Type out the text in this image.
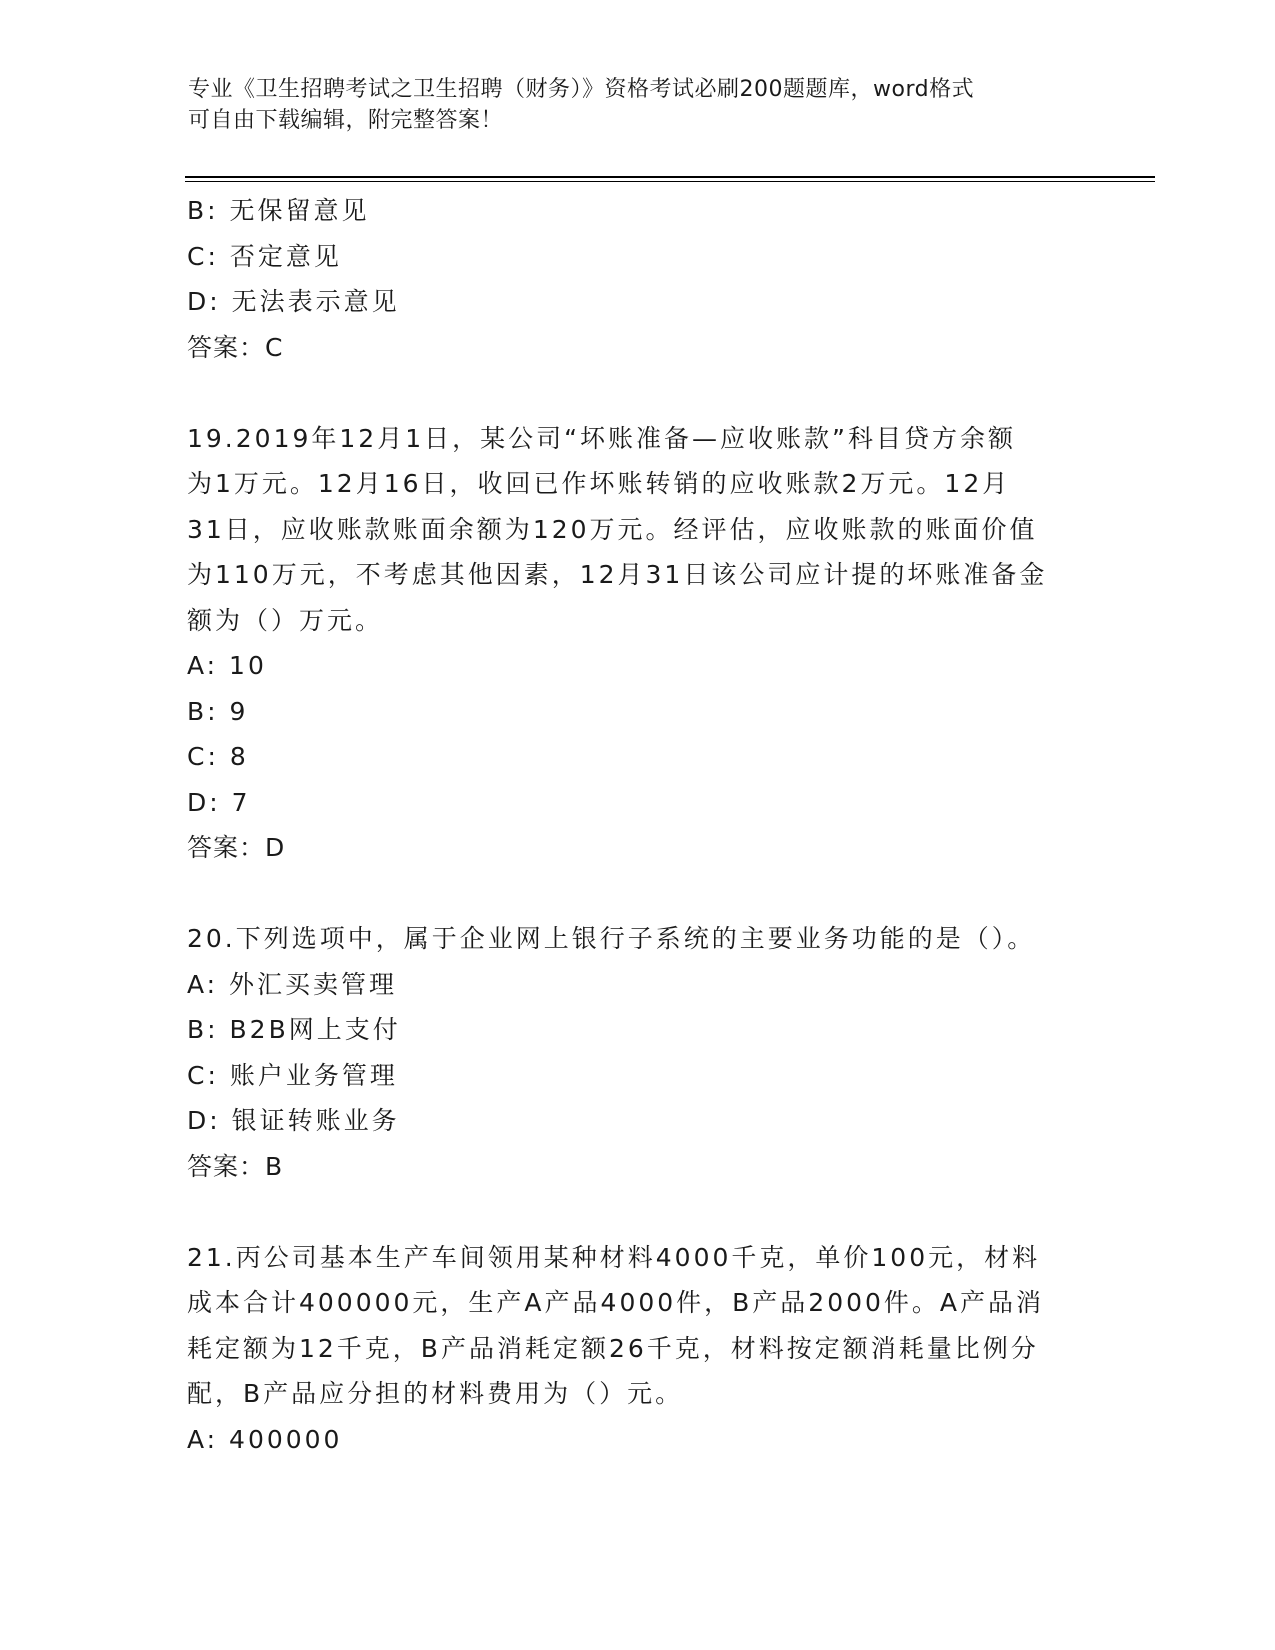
专业《卫生招聘考试之卫生招聘（财务）》资格考试必刷200题题库，word格式
可自由下载编辑，附完整答案！
B: 无保留意见
C: 否定意见
D: 无法表示意见
答案：C
19.2019年12月1日，某公司“坏账准备—应收账款”科目贷方余额
为1万元。12月16日，收回已作坏账转销的应收账款2万元。12月
31日，应收账款账面余额为120万元。经评估，应收账款的账面价值
为110万元，不考虑其他因素，12月31日该公司应计提的坏账准备金
额为（）万元。
A: 10
B: 9
C: 8
D: 7
答案：D
20.下列选项中，属于企业网上银行子系统的主要业务功能的是（）。
A: 外汇买卖管理
B: B2B网上支付
C: 账户业务管理
D: 银证转账业务
答案：B
21.丙公司基本生产车间领用某种材料4000千克，单价100元，材料
成本合计400000元，生产A产品4000件，B产品2000件。A产品消
耗定额为12千克，B产品消耗定额26千克，材料按定额消耗量比例分
配，B产品应分担的材料费用为（）元。
A: 400000
